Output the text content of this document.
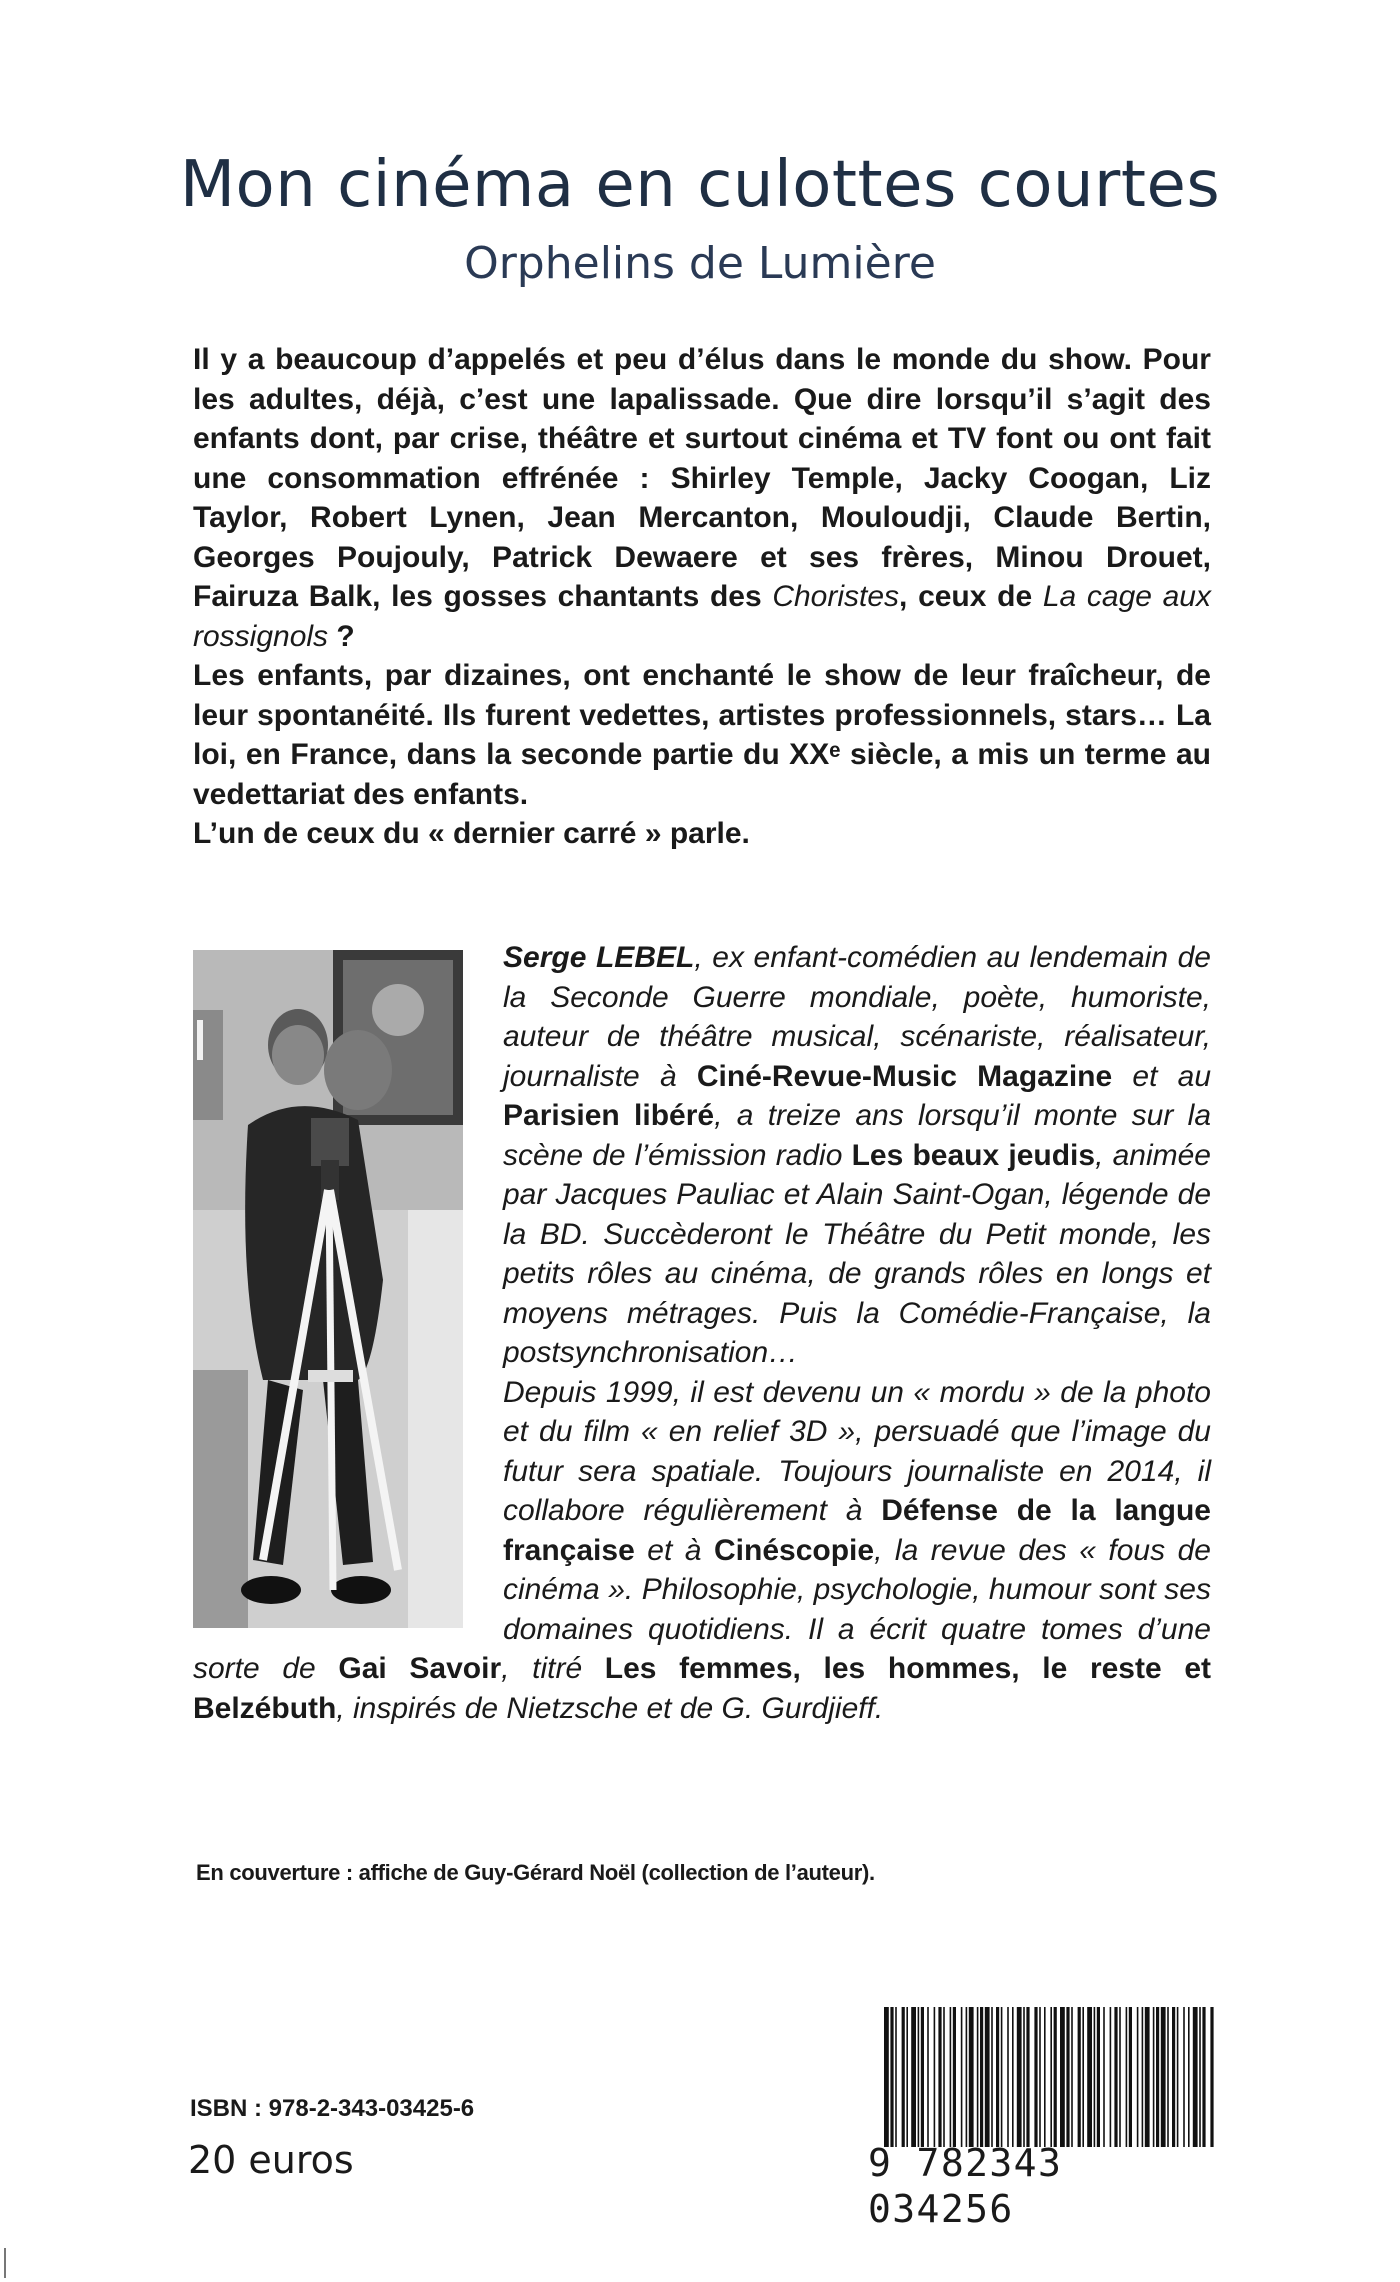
Mon cinéma en culottes courtes
Orphelins de Lumière

Il y a beaucoup d’appelés et peu d’élus dans le monde du show. Pour les adultes, déjà, c’est une lapalissade. Que dire lorsqu’il s’agit des enfants dont, par crise, théâtre et surtout cinéma et TV font ou ont fait une consommation effrénée : Shirley Temple, Jacky Coogan, Liz Taylor, Robert Lynen, Jean Mercanton, Mouloudji, Claude Bertin, Georges Poujouly, Patrick Dewaere et ses frères, Minou Drouet, Fairuza Balk, les gosses chantants des Choristes, ceux de La cage aux rossignols ?

Les enfants, par dizaines, ont enchanté le show de leur fraîcheur, de leur spontanéité. Ils furent vedettes, artistes professionnels, stars… La loi, en France, dans la seconde partie du XXᵉ siècle, a mis un terme au vedettariat des enfants.

L’un de ceux du « dernier carré » parle.

Serge LEBEL, ex enfant-comédien au lendemain de la Seconde Guerre mondiale, poète, humoriste, auteur de théâtre musical, scénariste, réalisateur, journaliste à Ciné-Revue-Music Magazine et au Parisien libéré, a treize ans lorsqu’il monte sur la scène de l’émission radio Les beaux jeudis, animée par Jacques Pauliac et Alain Saint-Ogan, légende de la BD. Succèderont le Théâtre du Petit monde, les petits rôles au cinéma, de grands rôles en longs et moyens métrages. Puis la Comédie-Française, la postsynchronisation…

Depuis 1999, il est devenu un « mordu » de la photo et du film « en relief 3D », persuadé que l’image du futur sera spatiale. Toujours journaliste en 2014, il collabore régulièrement à Défense de la langue française et à Cinéscopie, la revue des « fous de cinéma ». Philosophie, psychologie, humour sont ses domaines quotidiens. Il a écrit quatre tomes d’une sorte de Gai Savoir, titré Les femmes, les hommes, le reste et Belzébuth, inspirés de Nietzsche et de G. Gurdjieff.

En couverture : affiche de Guy-Gérard Noël (collection de l’auteur).
ISBN : 978-2-343-03425-6
20 euros	9 782343 034256
